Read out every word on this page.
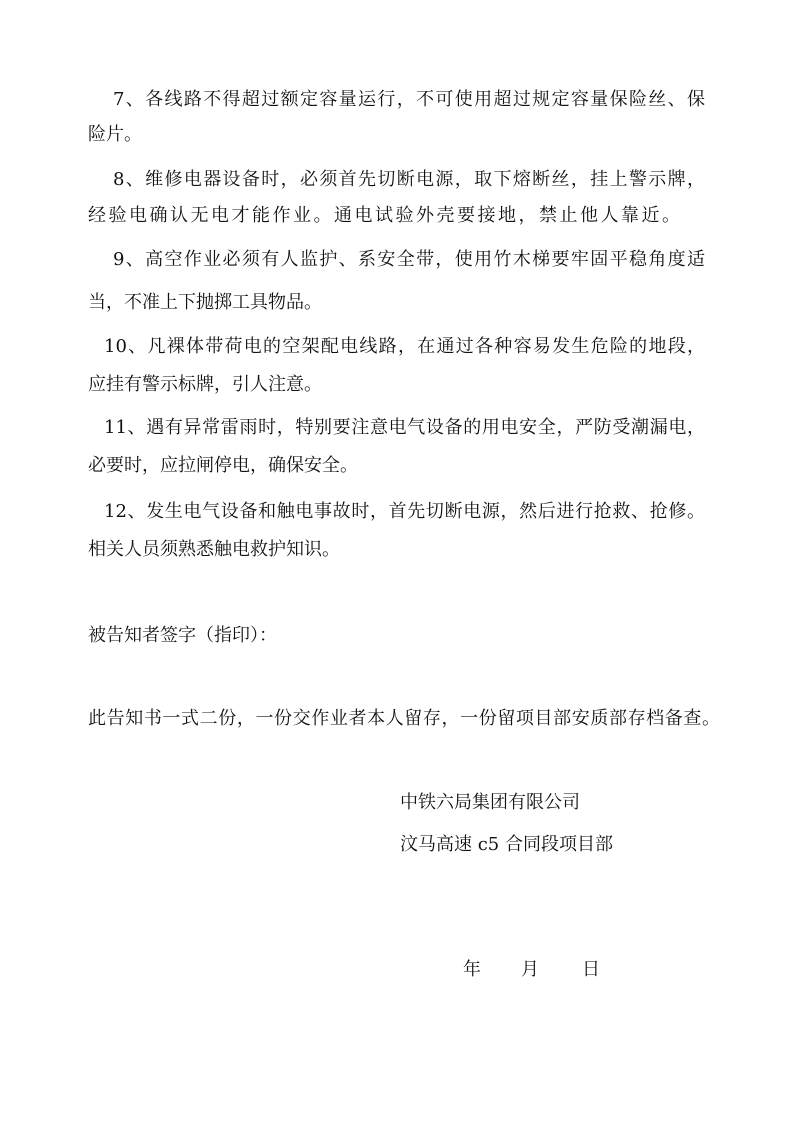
7、各线路不得超过额定容量运行，不可使用超过规定容量保险丝、保
险片。
8、维修电器设备时，必须首先切断电源，取下熔断丝，挂上警示牌，
经验电确认无电才能作业。通电试验外壳要接地，禁止他人靠近。
9、高空作业必须有人监护、系安全带，使用竹木梯要牢固平稳角度适
当，不准上下抛掷工具物品。
10、凡裸体带荷电的空架配电线路，在通过各种容易发生危险的地段，
应挂有警示标牌，引人注意。
11、遇有异常雷雨时，特别要注意电气设备的用电安全，严防受潮漏电，
必要时，应拉闸停电，确保安全。
12、发生电气设备和触电事故时，首先切断电源，然后进行抢救、抢修。
相关人员须熟悉触电救护知识。
被告知者签字（指印）：
此告知书一式二份，一份交作业者本人留存，一份留项目部安质部存档备查。
中铁六局集团有限公司
汶马高速 c5 合同段项目部
年 月 日
